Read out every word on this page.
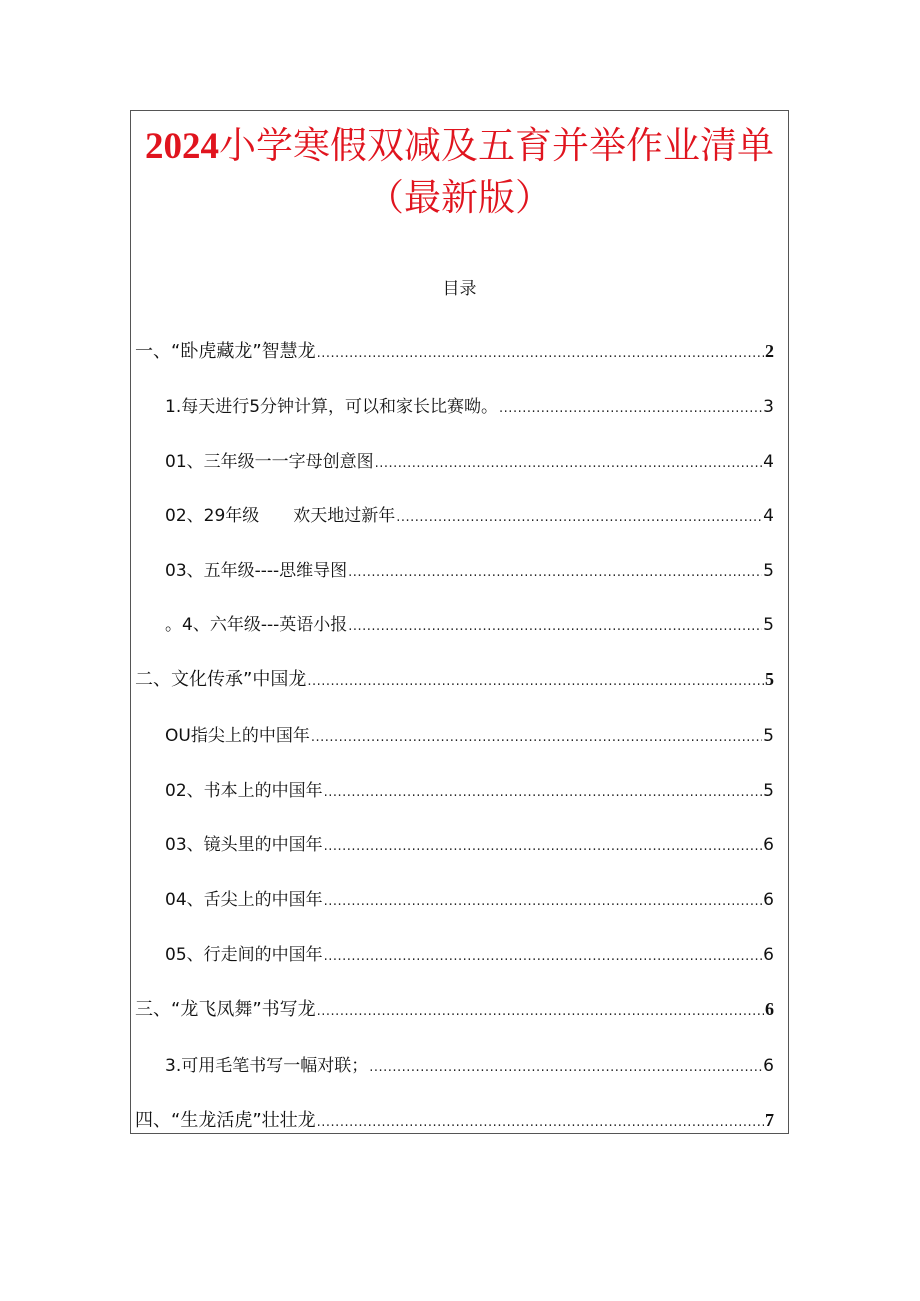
2024小学寒假双减及五育并举作业清单
（最新版）
目录
一、“卧虎藏龙”智慧龙 .....	2
1.每天进行5分钟计算，可以和家长比赛呦。 .....	3
01、三年级一一字母创意图 .....	4
02、29年级　　欢天地过新年 .....	4
03、五年级----思维导图 .....	5
。4、六年级---英语小报 .....	5
二、文化传承”中国龙 .....	5
OU指尖上的中国年 .....	5
02、书本上的中国年 .....	5
03、镜头里的中国年 .....	6
04、舌尖上的中国年 .....	6
05、行走间的中国年 .....	6
三、“龙飞凤舞”书写龙 .....	6
3.可用毛笔书写一幅对联； .....	6
四、“生龙活虎”壮壮龙 .....	7
